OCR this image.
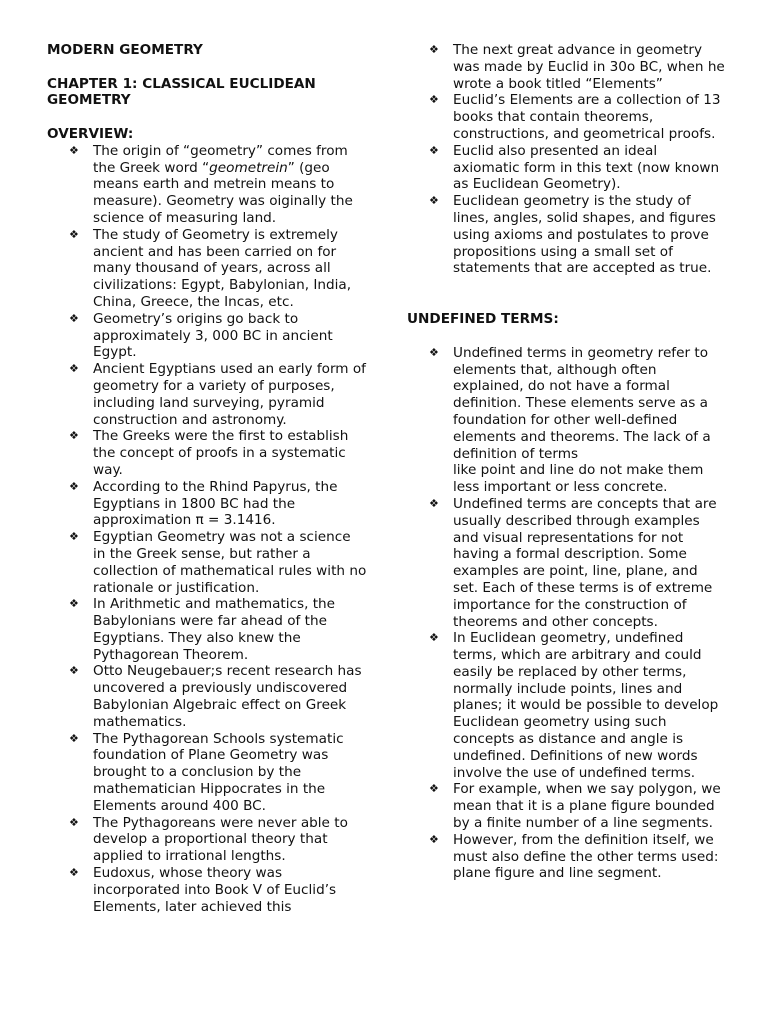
MODERN GEOMETRY
CHAPTER 1: CLASSICAL EUCLIDEAN GEOMETRY
OVERVIEW:
❖ The origin of “geometry” comes from the Greek word “geometrein” (geo means earth and metrein means to measure). Geometry was oiginally the science of measuring land.
❖ The study of Geometry is extremely ancient and has been carried on for many thousand of years, across all civilizations: Egypt, Babylonian, India, China, Greece, the Incas, etc.
❖ Geometry’s origins go back to approximately 3, 000 BC in ancient Egypt.
❖ Ancient Egyptians used an early form of geometry for a variety of purposes, including land surveying, pyramid construction and astronomy.
❖ The Greeks were the first to establish the concept of proofs in a systematic way.
❖ According to the Rhind Papyrus, the Egyptians in 1800 BC had the approximation π = 3.1416.
❖ Egyptian Geometry was not a science in the Greek sense, but rather a collection of mathematical rules with no rationale or justification.
❖ In Arithmetic and mathematics, the Babylonians were far ahead of the Egyptians. They also knew the Pythagorean Theorem.
❖ Otto Neugebauer;s recent research has uncovered a previously undiscovered Babylonian Algebraic effect on Greek mathematics.
❖ The Pythagorean Schools systematic foundation of Plane Geometry was brought to a conclusion by the mathematician Hippocrates in the Elements around 400 BC.
❖ The Pythagoreans were never able to develop a proportional theory that applied to irrational lengths.
❖ Eudoxus, whose theory was incorporated into Book V of Euclid’s Elements, later achieved this
❖ The next great advance in geometry was made by Euclid in 30o BC, when he wrote a book titled “Elements”
❖ Euclid’s Elements are a collection of 13 books that contain theorems, constructions, and geometrical proofs.
❖ Euclid also presented an ideal axiomatic form in this text (now known as Euclidean Geometry).
❖ Euclidean geometry is the study of lines, angles, solid shapes, and figures using axioms and postulates to prove propositions using a small set of statements that are accepted as true.
UNDEFINED TERMS:
❖ Undefined terms in geometry refer to elements that, although often explained, do not have a formal definition. These elements serve as a foundation for other well-defined elements and theorems. The lack of a definition of terms
like point and line do not make them less important or less concrete.
❖ Undefined terms are concepts that are usually described through examples and visual representations for not having a formal description. Some examples are point, line, plane, and set. Each of these terms is of extreme importance for the construction of theorems and other concepts.
❖ In Euclidean geometry, undefined terms, which are arbitrary and could easily be replaced by other terms, normally include points, lines and planes; it would be possible to develop Euclidean geometry using such concepts as distance and angle is undefined. Definitions of new words involve the use of undefined terms.
❖ For example, when we say polygon, we mean that it is a plane figure bounded by a finite number of a line segments.
❖ However, from the definition itself, we must also define the other terms used: plane figure and line segment.
